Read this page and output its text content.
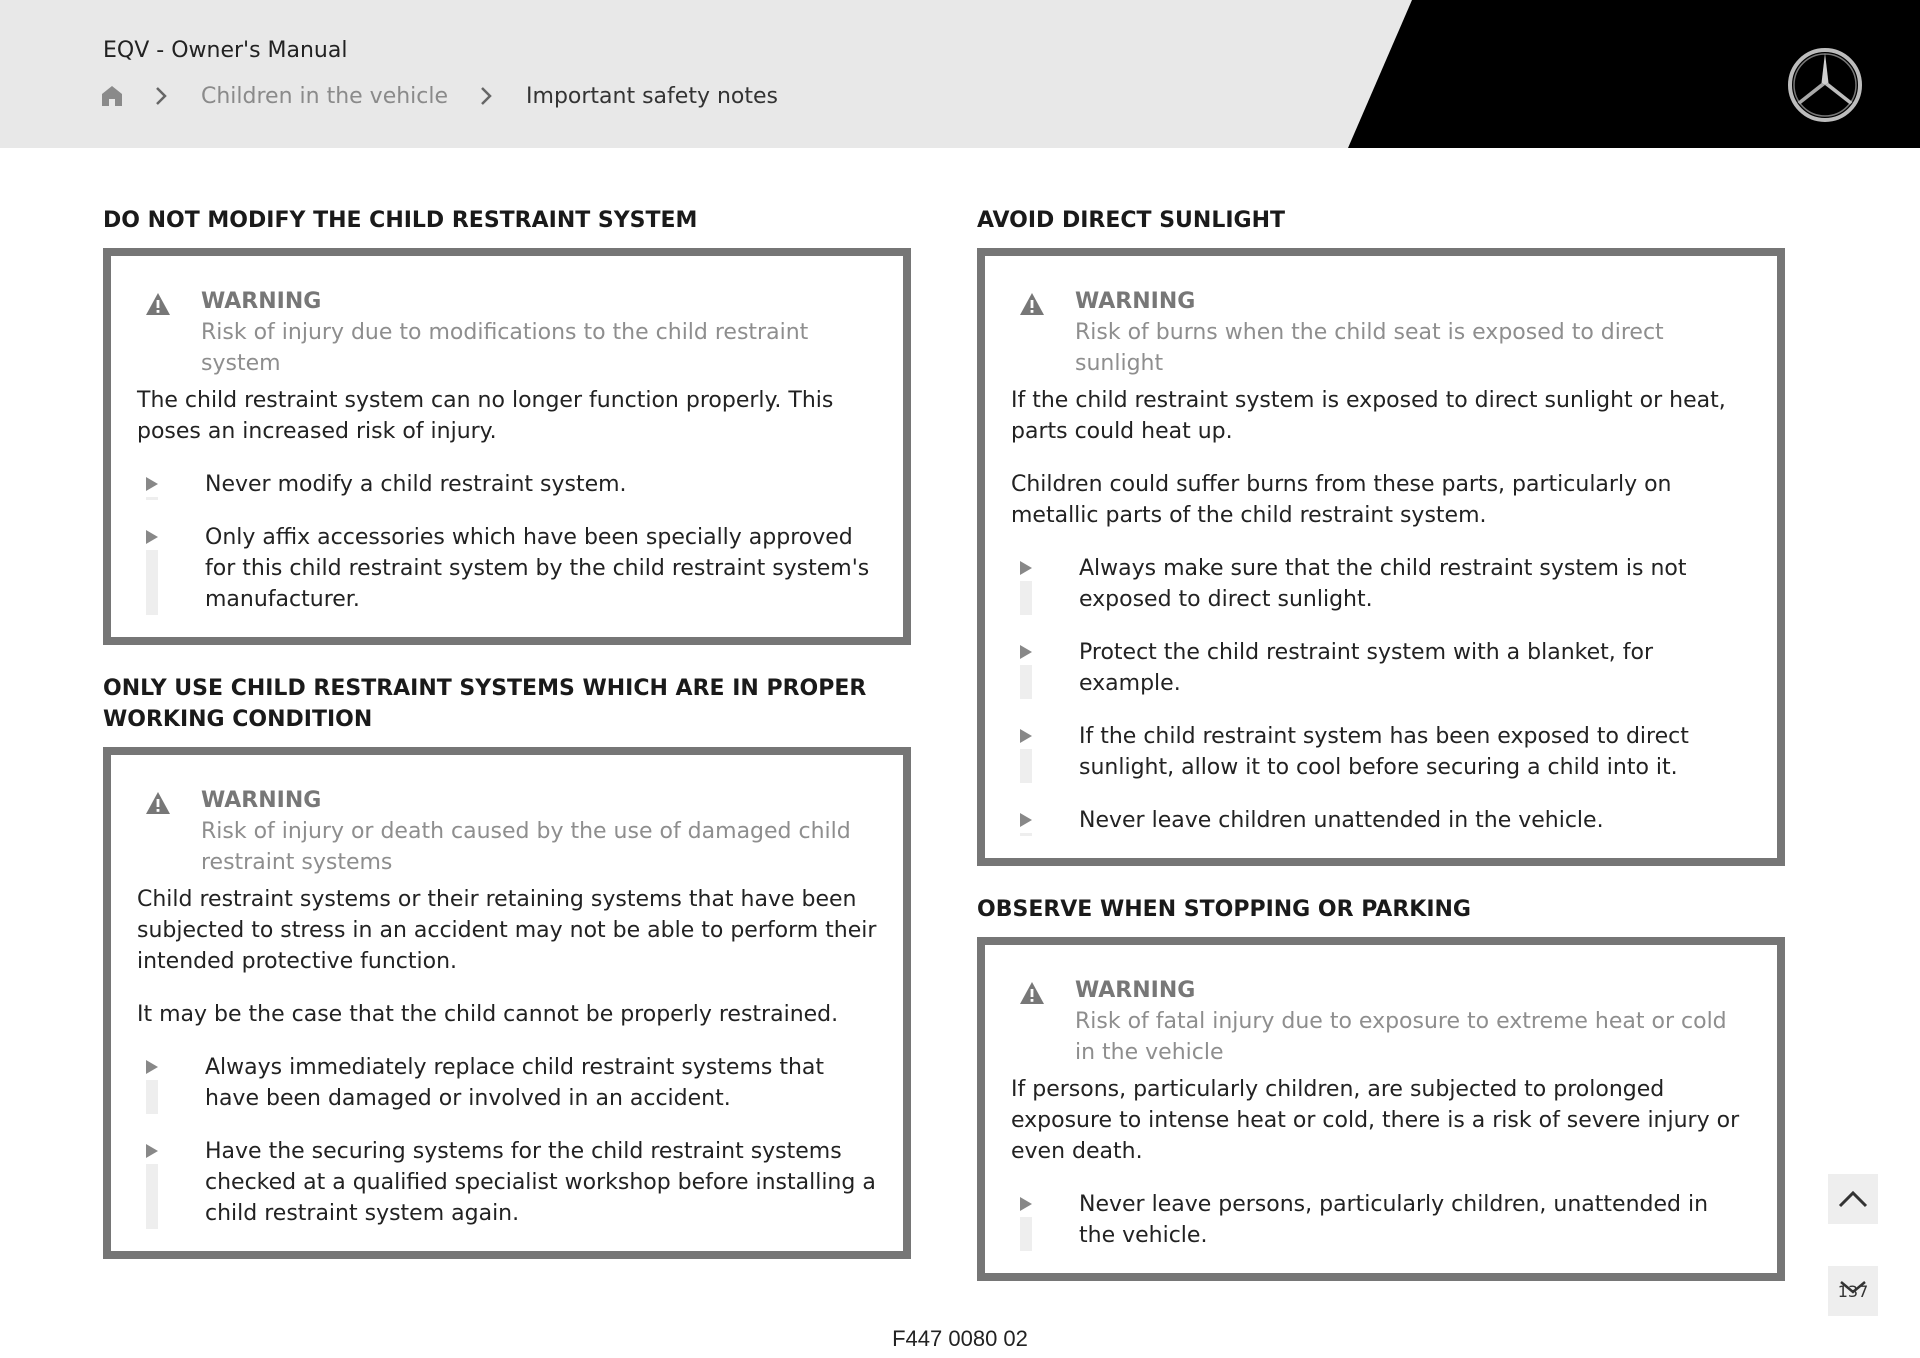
EQV - Owner's Manual
Children in the vehicle	Important safety notes
DO NOT MODIFY THE CHILD RESTRAINT SYSTEM
WARNING
Risk of injury due to modifications to the child restraint system

The child restraint system can no longer function properly. This poses an increased risk of injury.

Never modify a child restraint system.
Only affix accessories which have been specially approved for this child restraint system by the child restraint system's manufacturer.
ONLY USE CHILD RESTRAINT SYSTEMS WHICH ARE IN PROPER WORKING CONDITION
WARNING
Risk of injury or death caused by the use of damaged child restraint systems

Child restraint systems or their retaining systems that have been subjected to stress in an accident may not be able to perform their intended protective function.

It may be the case that the child cannot be properly restrained.

Always immediately replace child restraint systems that have been damaged or involved in an accident.
Have the securing systems for the child restraint systems checked at a qualified specialist workshop before installing a child restraint system again.
AVOID DIRECT SUNLIGHT
WARNING
Risk of burns when the child seat is exposed to direct sunlight

If the child restraint system is exposed to direct sunlight or heat, parts could heat up.

Children could suffer burns from these parts, particularly on metallic parts of the child restraint system.

Always make sure that the child restraint system is not exposed to direct sunlight.
Protect the child restraint system with a blanket, for example.
If the child restraint system has been exposed to direct sunlight, allow it to cool before securing a child into it.
Never leave children unattended in the vehicle.
OBSERVE WHEN STOPPING OR PARKING
WARNING
Risk of fatal injury due to exposure to extreme heat or cold in the vehicle

If persons, particularly children, are subjected to prolonged exposure to intense heat or cold, there is a risk of severe injury or even death.

Never leave persons, particularly children, unattended in the vehicle.
137
F447 0080 02
